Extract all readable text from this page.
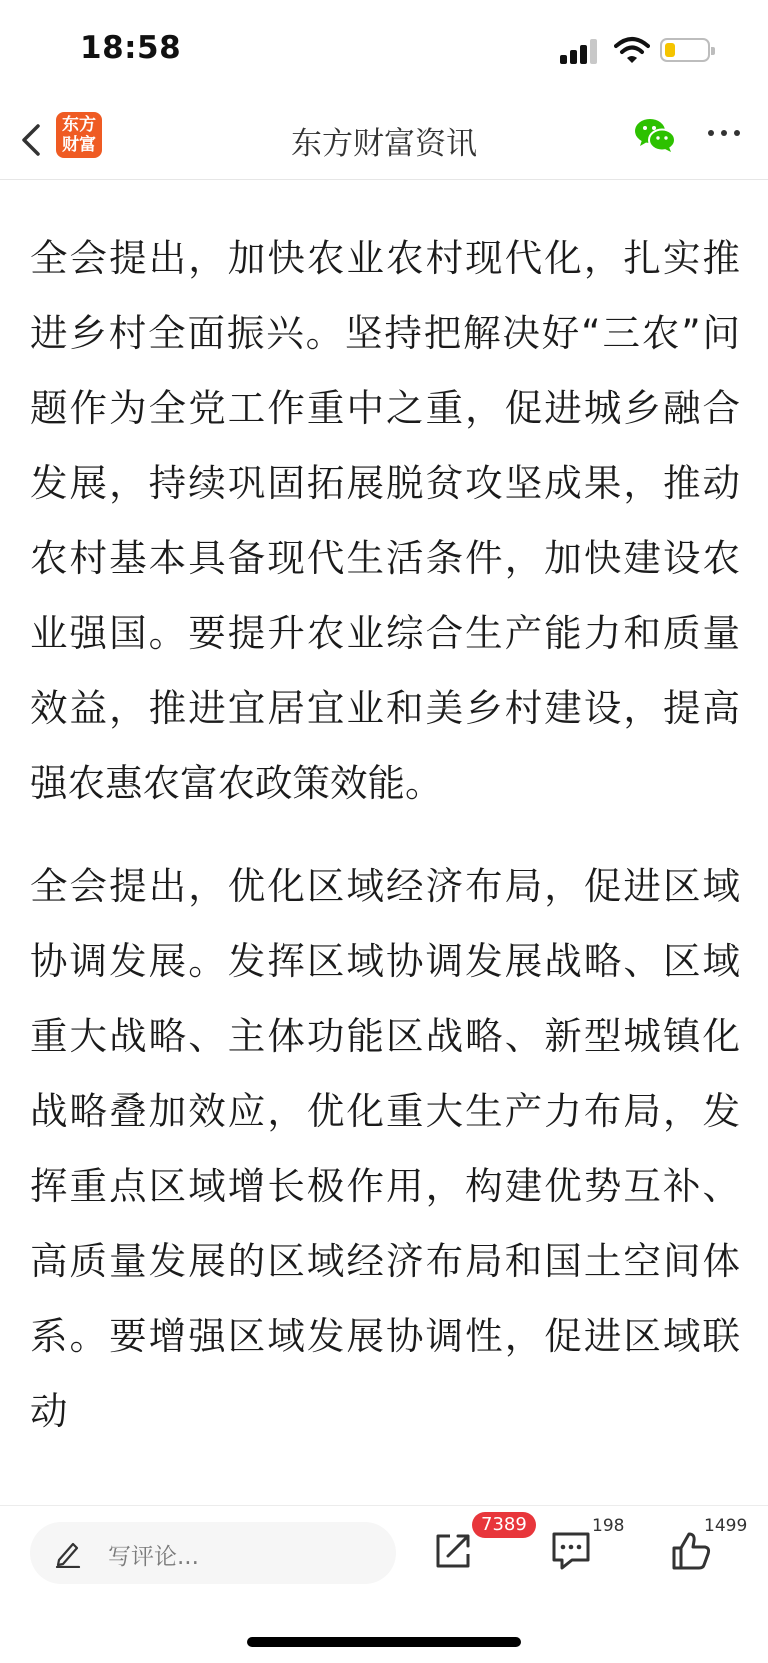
18:58
东方
财富	东方财富资讯

全会提出，加快农业农村现代化，扎实推进乡村全面振兴。坚持把解决好“三农”问题作为全党工作重中之重，促进城乡融合发展，持续巩固拓展脱贫攻坚成果，推动农村基本具备现代生活条件，加快建设农业强国。要提升农业综合生产能力和质量效益，推进宜居宜业和美乡村建设，提高强农惠农富农政策效能。

全会提出，优化区域经济布局，促进区域协调发展。发挥区域协调发展战略、区域重大战略、主体功能区战略、新型城镇化战略叠加效应，优化重大生产力布局，发挥重点区域增长极作用，构建优势互补、高质量发展的区域经济布局和国土空间体系。要增强区域发展协调性，促进区域联动

写评论...
7389	198	1499
